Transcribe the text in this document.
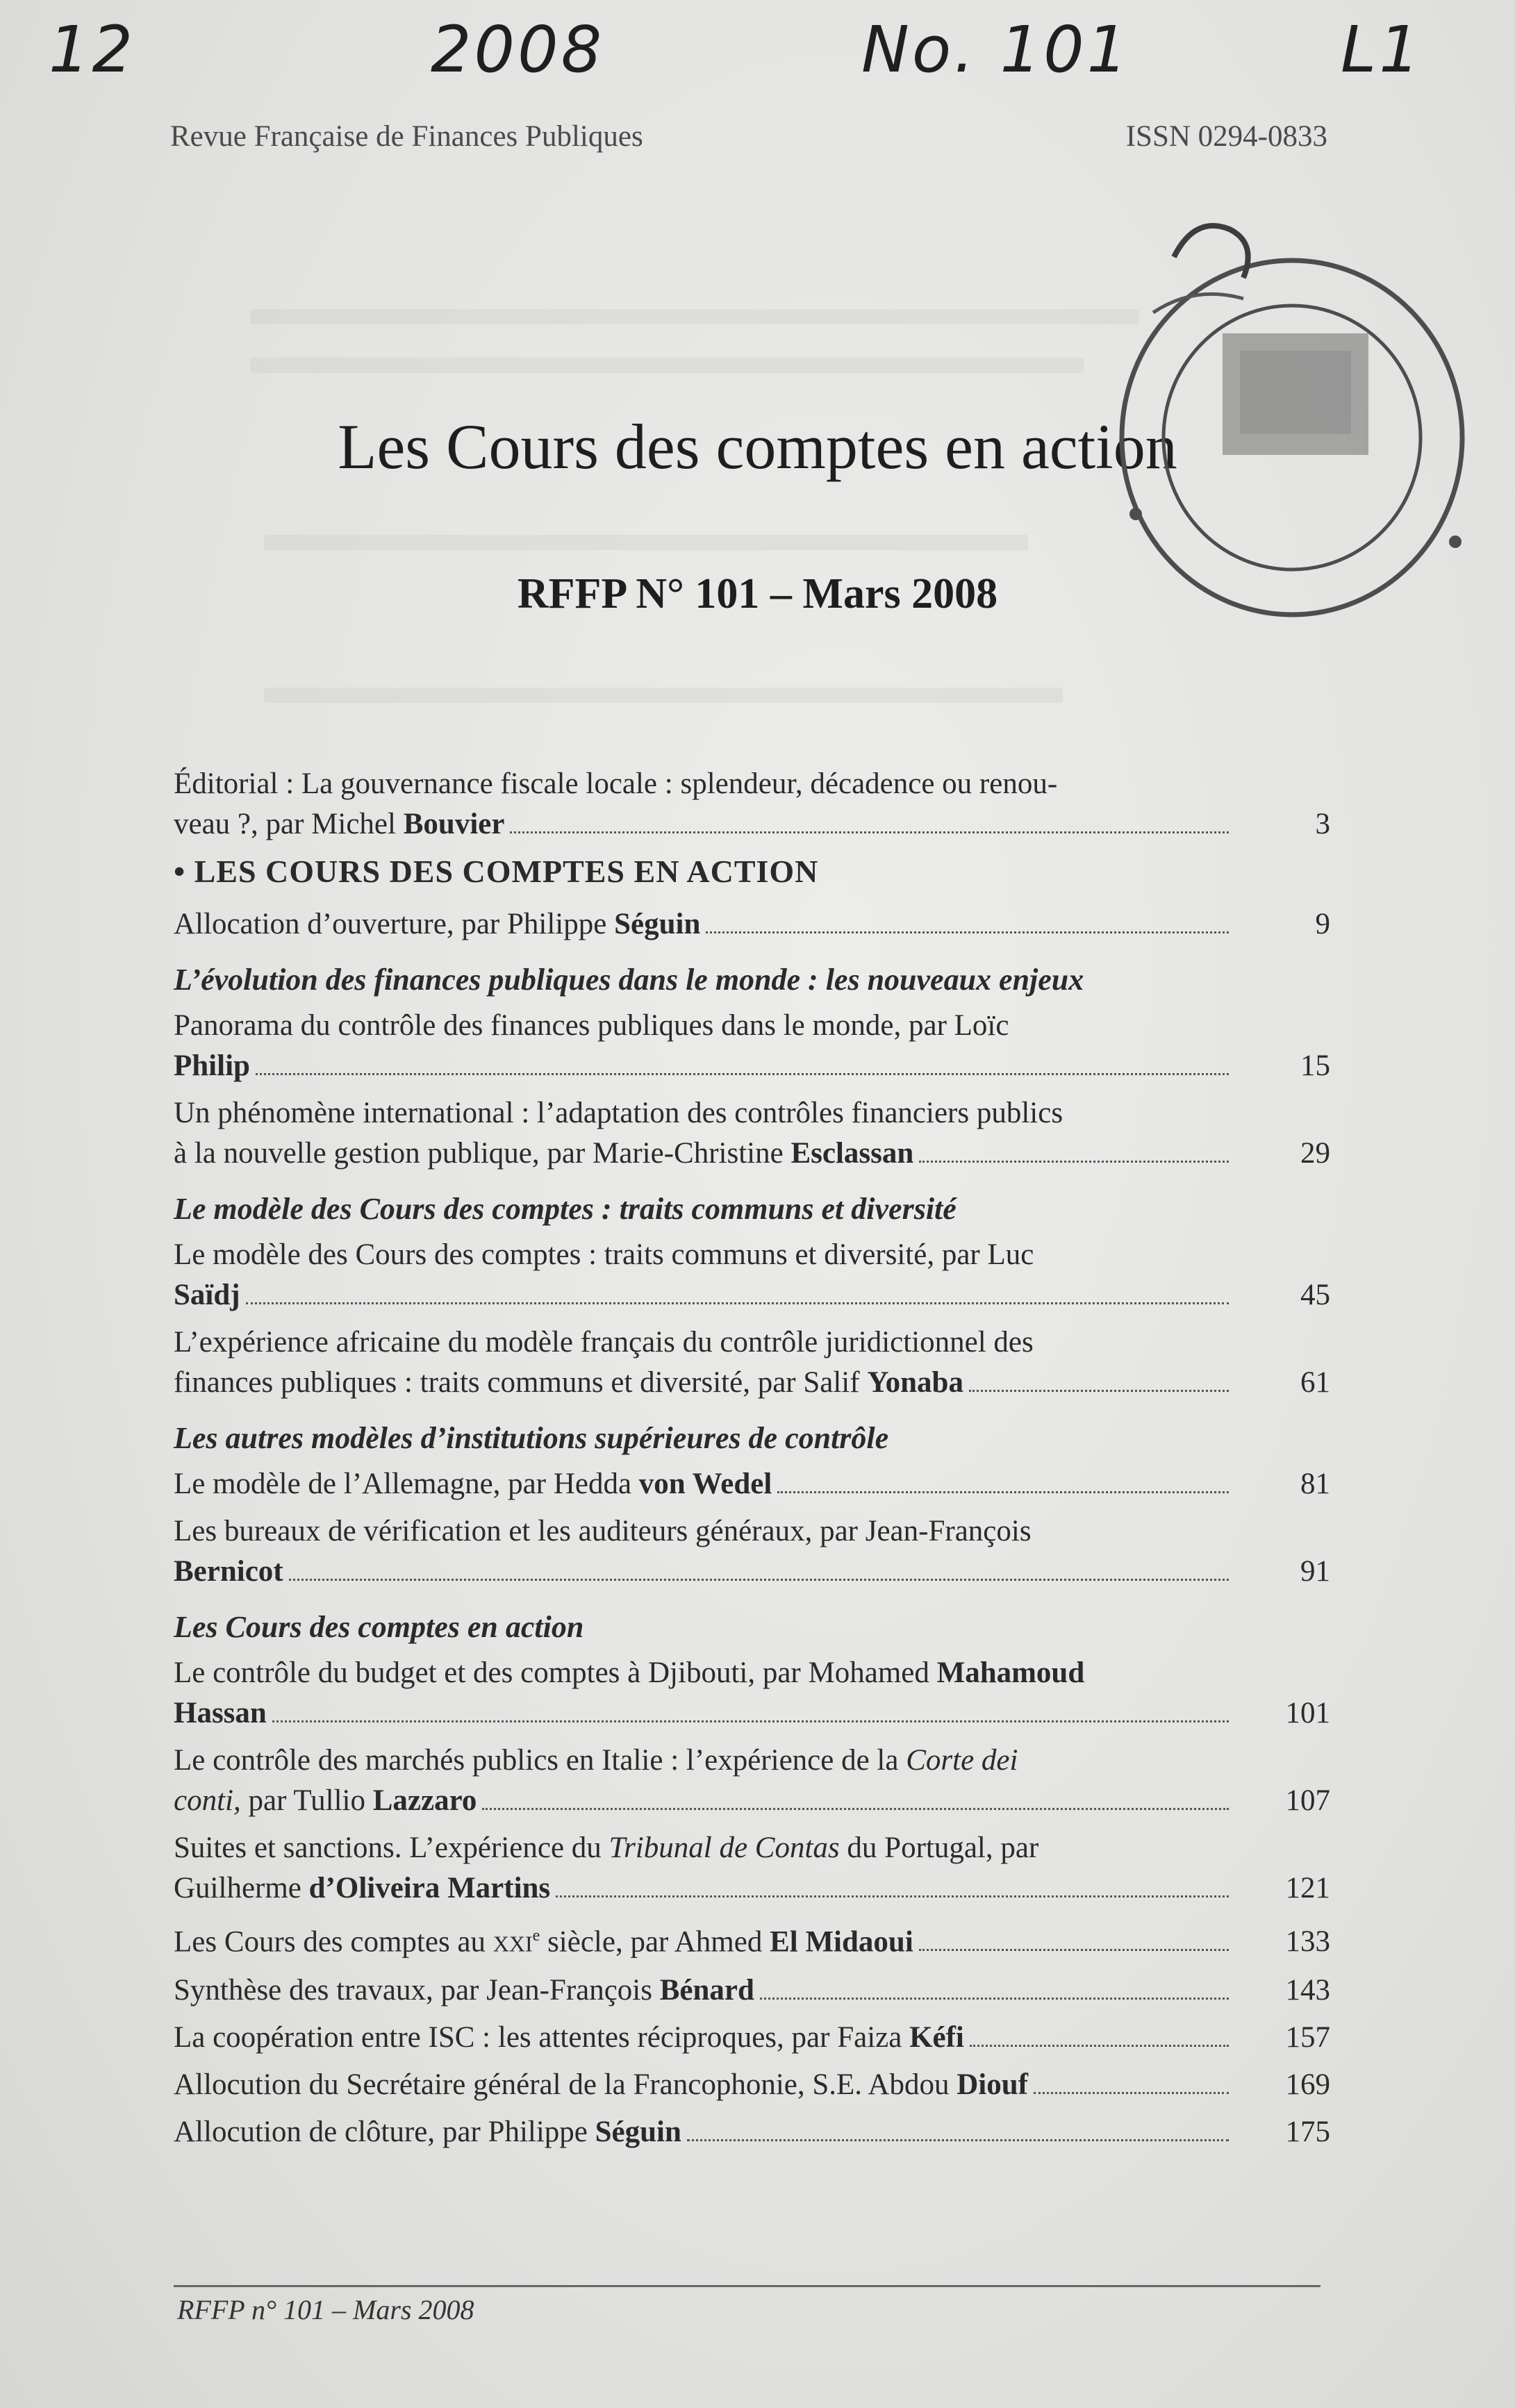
12	2008	No. 101	L1
Revue Française de Finances Publiques	ISSN 0294-0833
Les Cours des comptes en action
RFFP N° 101 – Mars 2008
Éditorial : La gouvernance fiscale locale : splendeur, décadence ou renou-
veau ?, par Michel Bouvier	3
• LES COURS DES COMPTES EN ACTION
Allocation d’ouverture, par Philippe Séguin	9
L’évolution des finances publiques dans le monde : les nouveaux enjeux
Panorama du contrôle des finances publiques dans le monde, par Loïc
Philip	15
Un phénomène international : l’adaptation des contrôles financiers publics
à la nouvelle gestion publique, par Marie-Christine Esclassan	29
Le modèle des Cours des comptes : traits communs et diversité
Le modèle des Cours des comptes : traits communs et diversité, par Luc
Saïdj	45
L’expérience africaine du modèle français du contrôle juridictionnel des
finances publiques : traits communs et diversité, par Salif Yonaba	61
Les autres modèles d’institutions supérieures de contrôle
Le modèle de l’Allemagne, par Hedda von Wedel	81
Les bureaux de vérification et les auditeurs généraux, par Jean-François
Bernicot	91
Les Cours des comptes en action
Le contrôle du budget et des comptes à Djibouti, par Mohamed Mahamoud
Hassan	101
Le contrôle des marchés publics en Italie : l’expérience de la Corte dei
conti, par Tullio Lazzaro	107
Suites et sanctions. L’expérience du Tribunal de Contas du Portugal, par
Guilherme d’Oliveira Martins	121
Les Cours des comptes au XXIe siècle, par Ahmed El Midaoui	133
Synthèse des travaux, par Jean-François Bénard	143
La coopération entre ISC : les attentes réciproques, par Faiza Kéfi	157
Allocution du Secrétaire général de la Francophonie, S.E. Abdou Diouf	169
Allocution de clôture, par Philippe Séguin	175
RFFP n° 101 – Mars 2008
